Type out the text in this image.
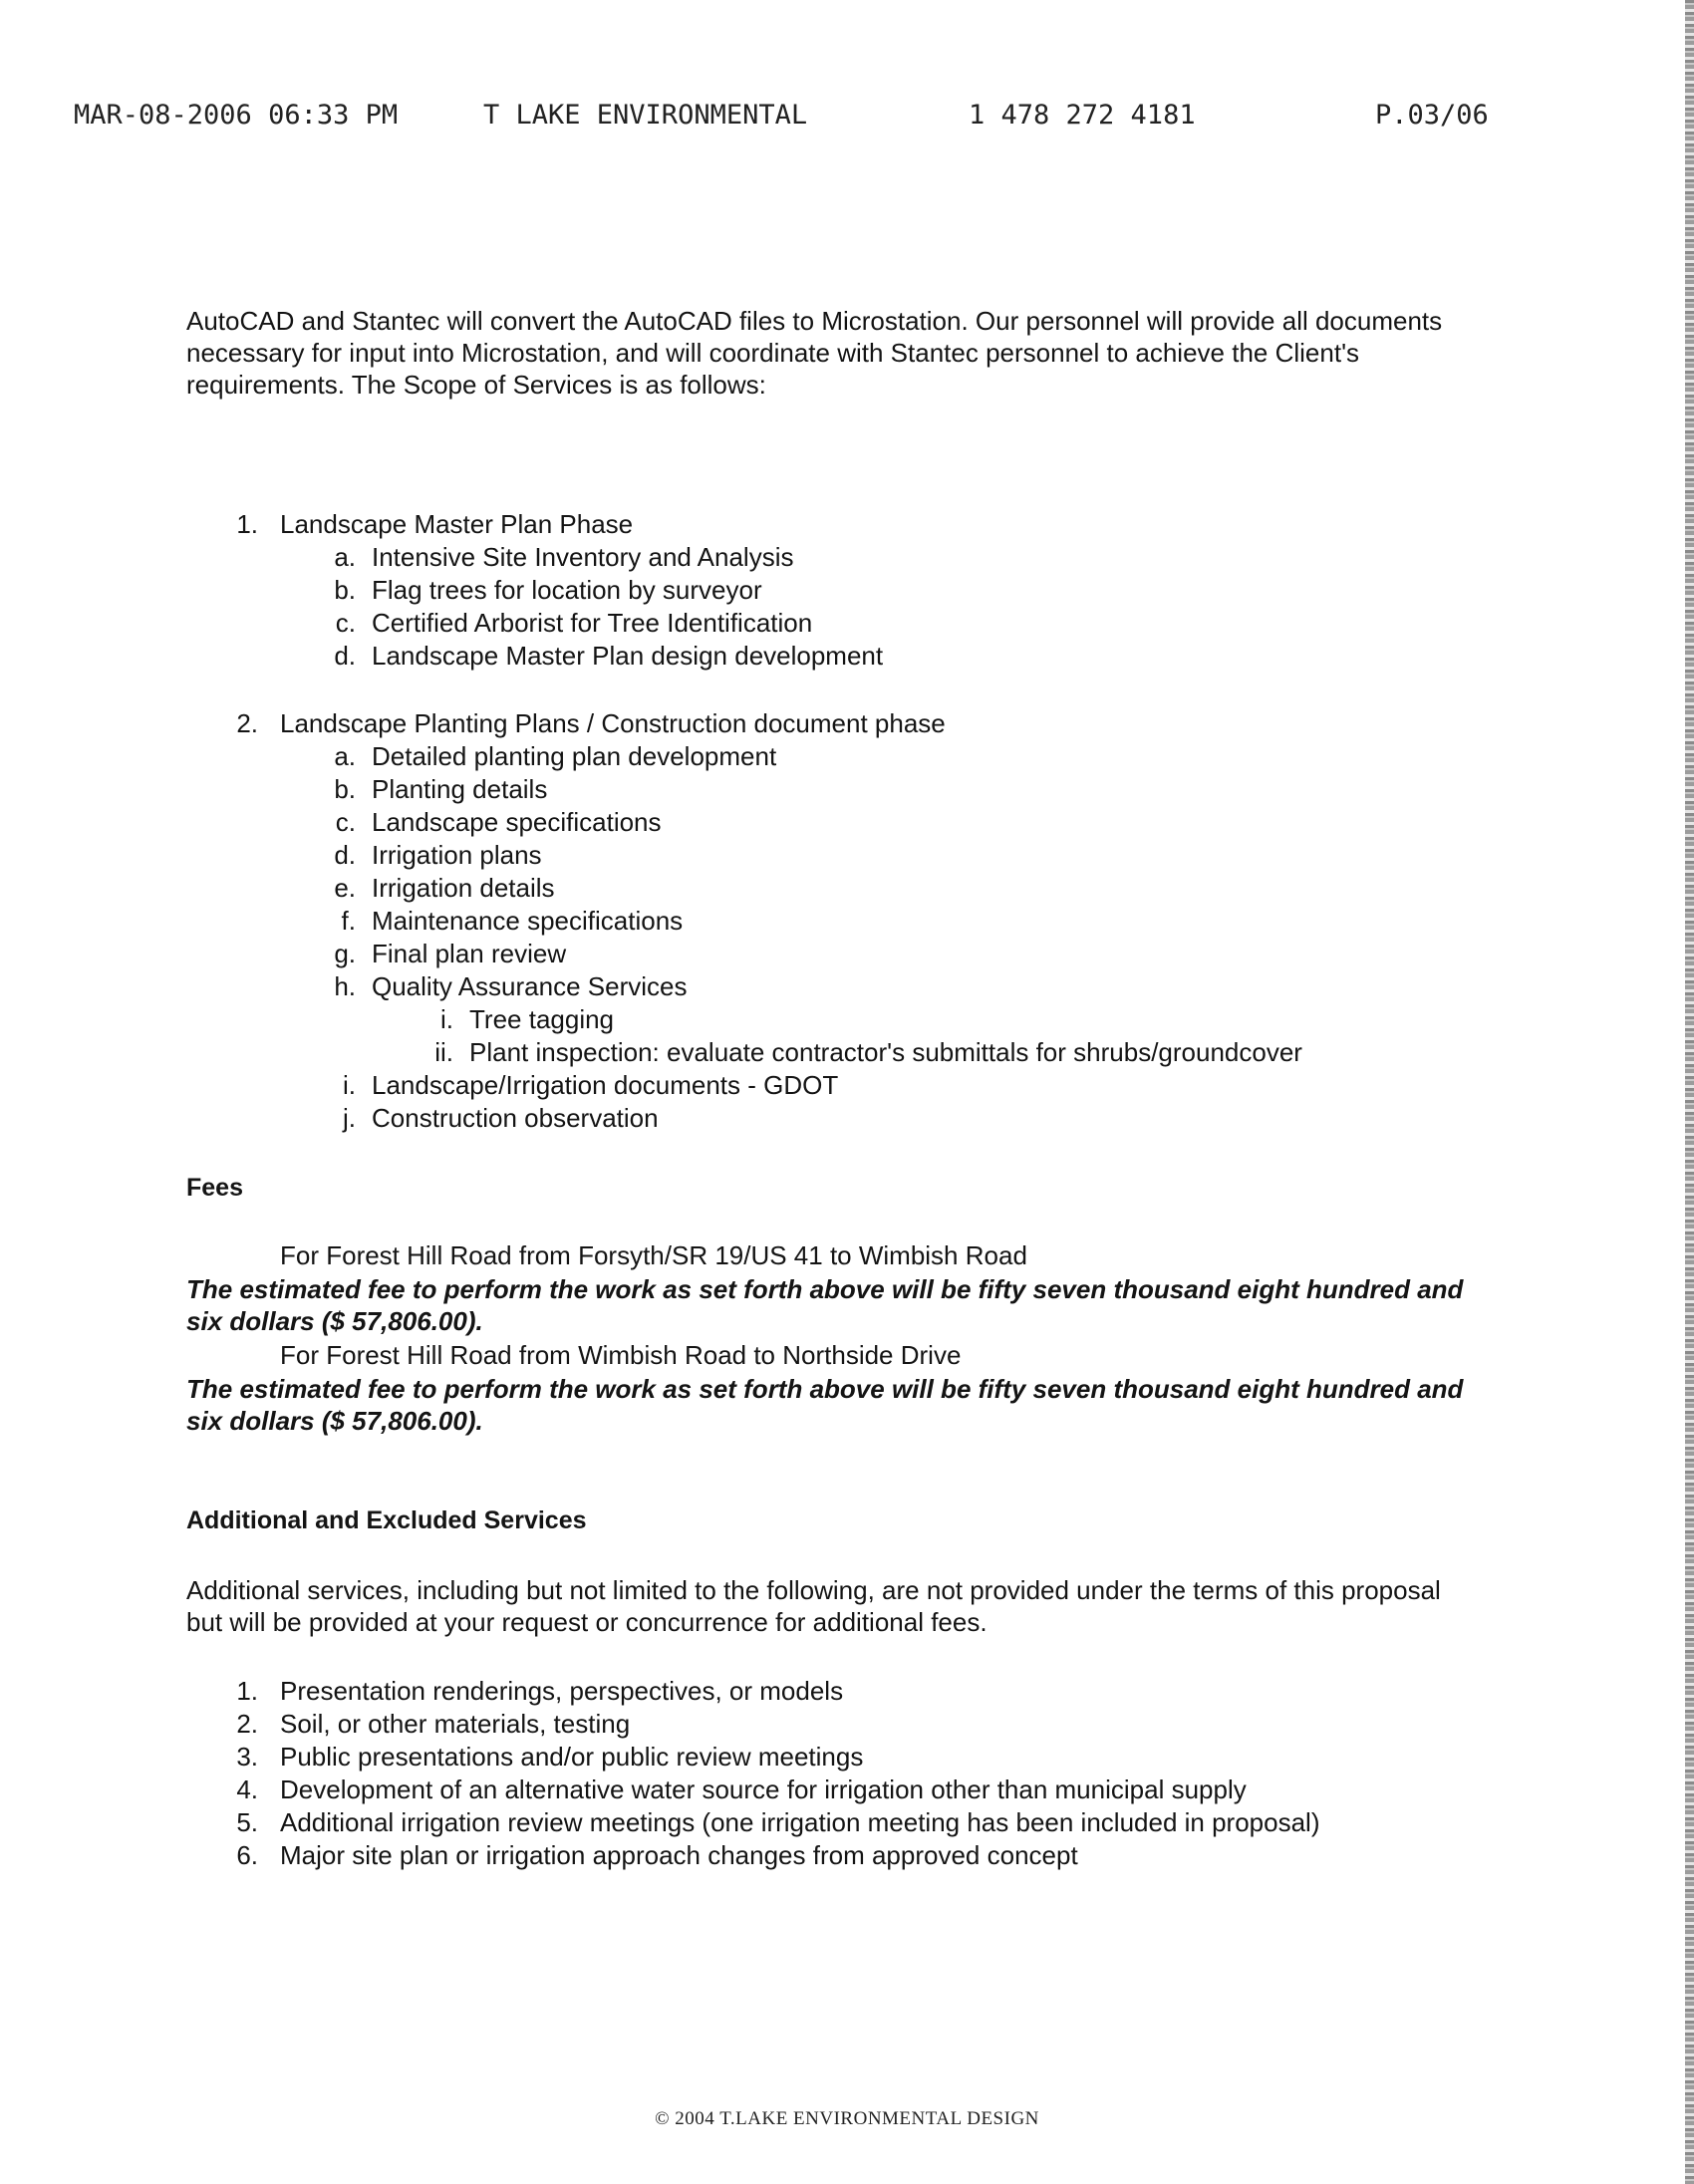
MAR-08-2006 06:33 PM	T LAKE ENVIRONMENTAL	1 478 272 4181	P.03/06

AutoCAD and Stantec will convert the AutoCAD files to Microstation. Our personnel will provide all documents necessary for input into Microstation, and will coordinate with Stantec personnel to achieve the Client's requirements. The Scope of Services is as follows:

1. Landscape Master Plan Phase
a. Intensive Site Inventory and Analysis
b. Flag trees for location by surveyor
c. Certified Arborist for Tree Identification
d. Landscape Master Plan design development
2. Landscape Planting Plans / Construction document phase
a. Detailed planting plan development
b. Planting details
c. Landscape specifications
d. Irrigation plans
e. Irrigation details
f. Maintenance specifications
g. Final plan review
h. Quality Assurance Services
i. Tree tagging
ii. Plant inspection: evaluate contractor's submittals for shrubs/groundcover
i. Landscape/Irrigation documents - GDOT
j. Construction observation
Fees
For Forest Hill Road from Forsyth/SR 19/US 41 to Wimbish Road

The estimated fee to perform the work as set forth above will be fifty seven thousand eight hundred and six dollars ($ 57,806.00).

For Forest Hill Road from Wimbish Road to Northside Drive

The estimated fee to perform the work as set forth above will be fifty seven thousand eight hundred and six dollars ($ 57,806.00).

Additional and Excluded Services

Additional services, including but not limited to the following, are not provided under the terms of this proposal but will be provided at your request or concurrence for additional fees.

1. Presentation renderings, perspectives, or models
2. Soil, or other materials, testing
3. Public presentations and/or public review meetings
4. Development of an alternative water source for irrigation other than municipal supply
5. Additional irrigation review meetings (one irrigation meeting has been included in proposal)
6. Major site plan or irrigation approach changes from approved concept
© 2004 T.LAKE ENVIRONMENTAL DESIGN
